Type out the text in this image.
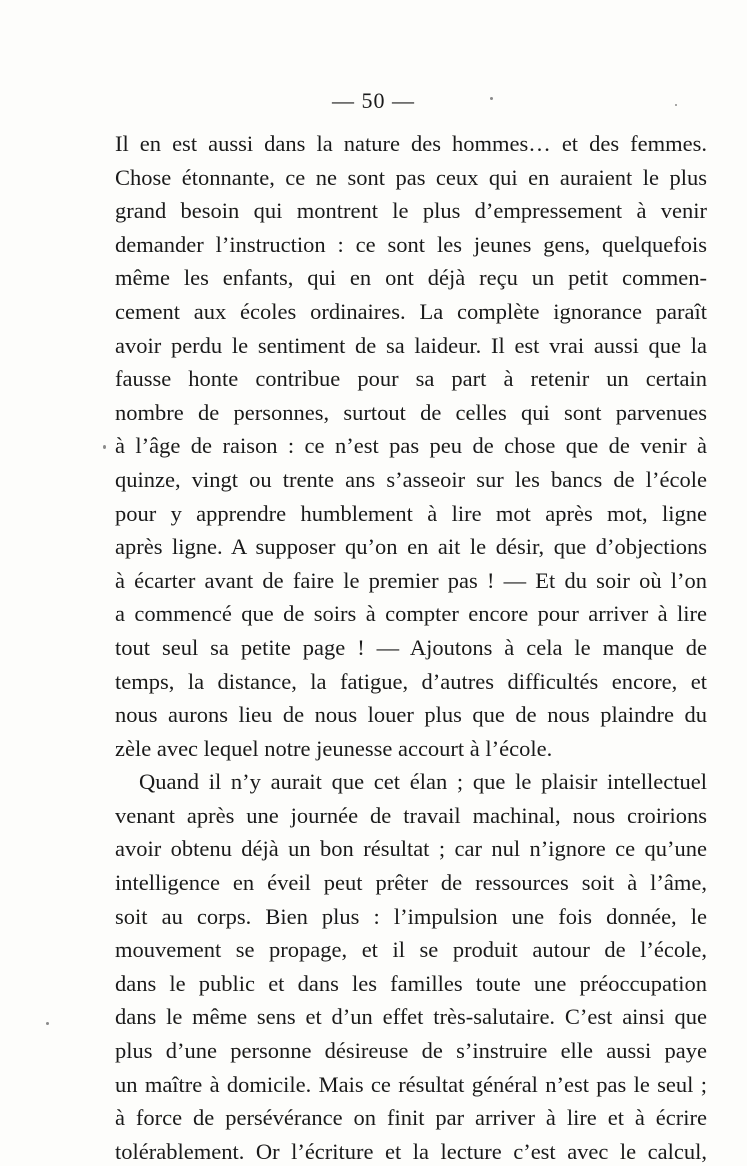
— 50 —
Il en est aussi dans la nature des hommes… et des femmes.
Chose étonnante, ce ne sont pas ceux qui en auraient le plus
grand besoin qui montrent le plus d’empressement à venir
demander l’instruction : ce sont les jeunes gens, quelquefois
même les enfants, qui en ont déjà reçu un petit commen-
cement aux écoles ordinaires. La complète ignorance paraît
avoir perdu le sentiment de sa laideur. Il est vrai aussi que la
fausse honte contribue pour sa part à retenir un certain
nombre de personnes, surtout de celles qui sont parvenues
à l’âge de raison : ce n’est pas peu de chose que de venir à
quinze, vingt ou trente ans s’asseoir sur les bancs de l’école
pour y apprendre humblement à lire mot après mot, ligne
après ligne. A supposer qu’on en ait le désir, que d’objections
à écarter avant de faire le premier pas ! — Et du soir où l’on
a commencé que de soirs à compter encore pour arriver à lire
tout seul sa petite page ! — Ajoutons à cela le manque de
temps, la distance, la fatigue, d’autres difficultés encore, et
nous aurons lieu de nous louer plus que de nous plaindre du
zèle avec lequel notre jeunesse accourt à l’école.
Quand il n’y aurait que cet élan ; que le plaisir intellectuel
venant après une journée de travail machinal, nous croirions
avoir obtenu déjà un bon résultat ; car nul n’ignore ce qu’une
intelligence en éveil peut prêter de ressources soit à l’âme,
soit au corps. Bien plus : l’impulsion une fois donnée, le
mouvement se propage, et il se produit autour de l’école,
dans le public et dans les familles toute une préoccupation
dans le même sens et d’un effet très-salutaire. C’est ainsi que
plus d’une personne désireuse de s’instruire elle aussi paye
un maître à domicile. Mais ce résultat général n’est pas le seul ;
à force de persévérance on finit par arriver à lire et à écrire
tolérablement. Or l’écriture et la lecture c’est avec le calcul,
